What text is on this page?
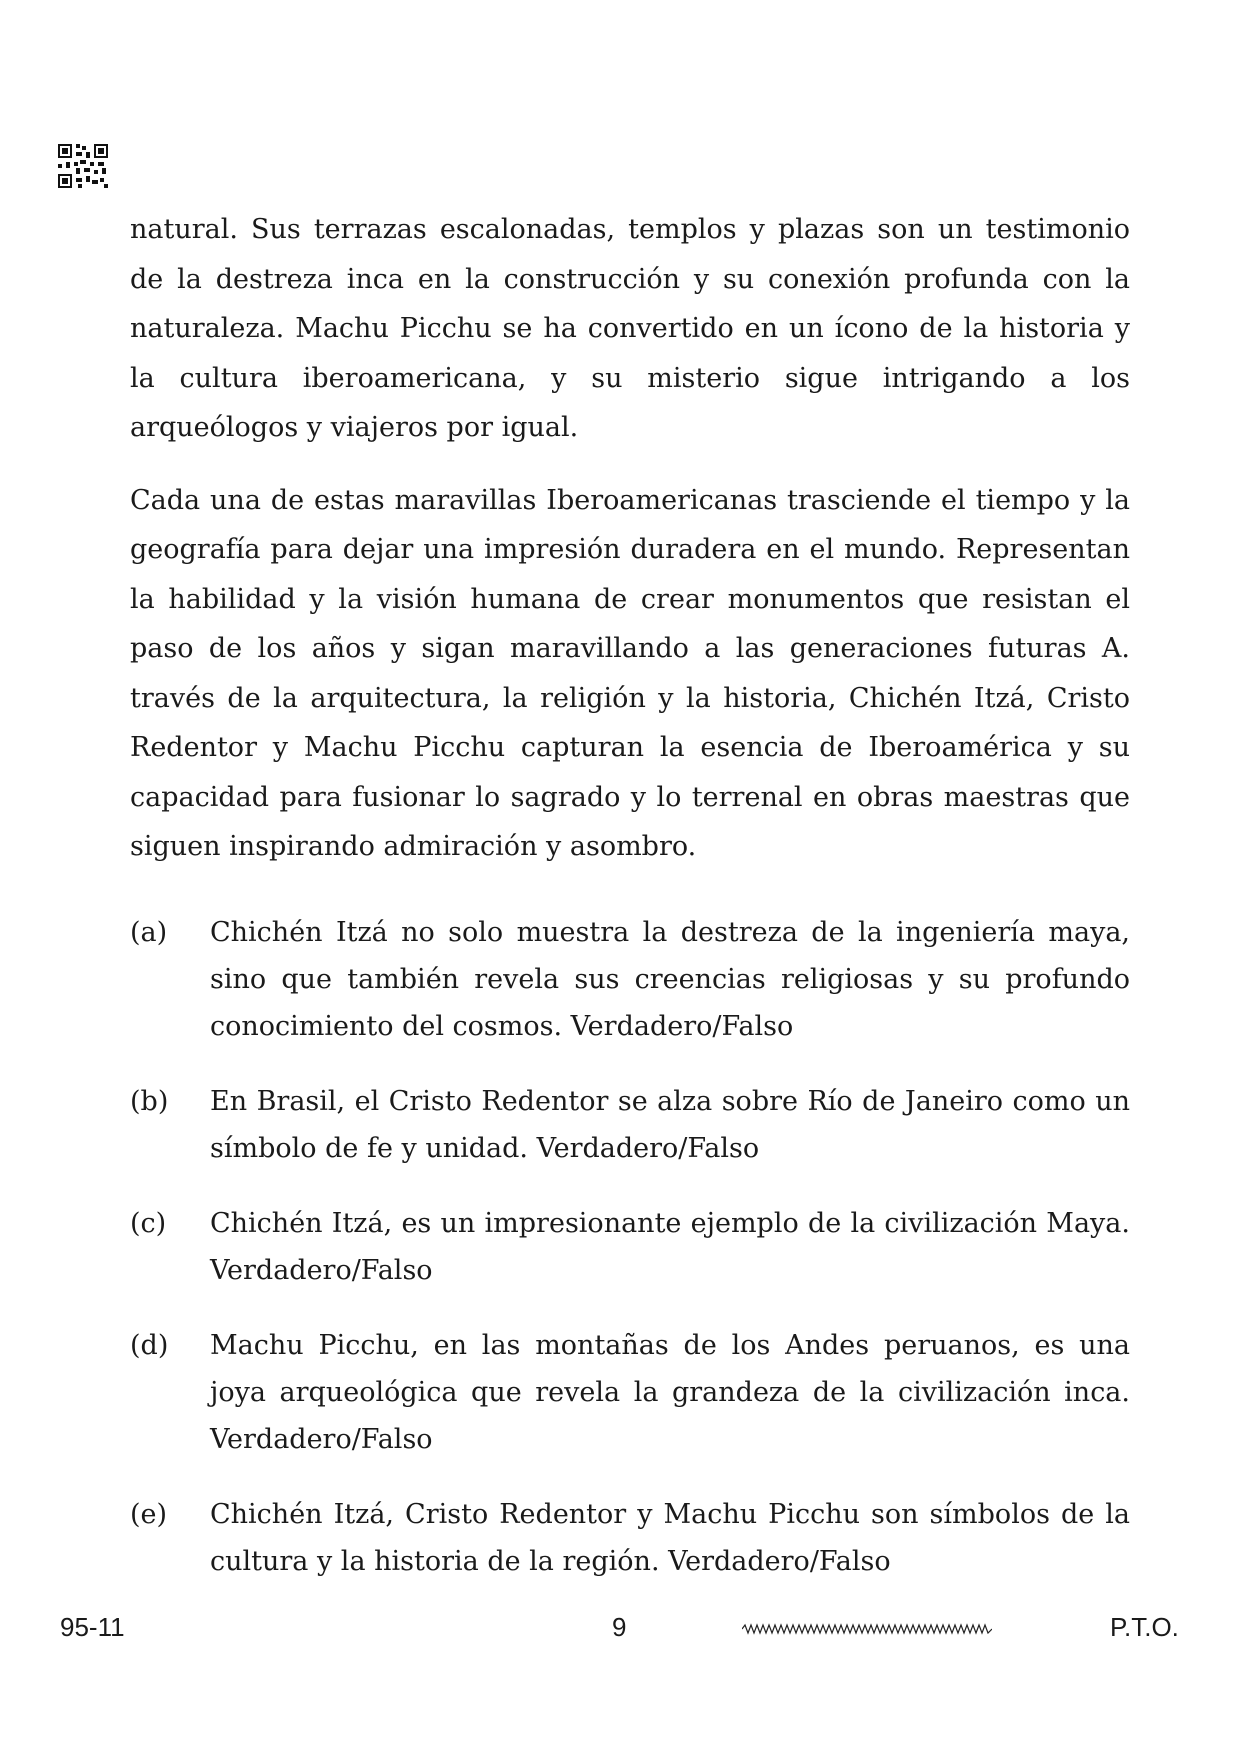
natural. Sus terrazas escalonadas, templos y plazas son un testimonio de la destreza inca en la construcción y su conexión profunda con la naturaleza. Machu Picchu se ha convertido en un ícono de la historia y la cultura iberoamericana, y su misterio sigue intrigando a los arqueólogos y viajeros por igual.

Cada una de estas maravillas Iberoamericanas trasciende el tiempo y la geografía para dejar una impresión duradera en el mundo. Representan la habilidad y la visión humana de crear monumentos que resistan el paso de los años y sigan maravillando a las generaciones futuras A. través de la arquitectura, la religión y la historia, Chichén Itzá, Cristo Redentor y Machu Picchu capturan la esencia de Iberoamérica y su capacidad para fusionar lo sagrado y lo terrenal en obras maestras que siguen inspirando admiración y asombro.

(a)	Chichén Itzá no solo muestra la destreza de la ingeniería maya, sino que también revela sus creencias religiosas y su profundo conocimiento del cosmos. Verdadero/Falso
(b)	En Brasil, el Cristo Redentor se alza sobre Río de Janeiro como un símbolo de fe y unidad. Verdadero/Falso
(c)	Chichén Itzá, es un impresionante ejemplo de la civilización Maya. Verdadero/Falso
(d)	Machu Picchu, en las montañas de los Andes peruanos, es una joya arqueológica que revela la grandeza de la civilización inca. Verdadero/Falso
(e)	Chichén Itzá, Cristo Redentor y Machu Picchu son símbolos de la cultura y la historia de la región. Verdadero/Falso
95-11	9	P.T.O.
